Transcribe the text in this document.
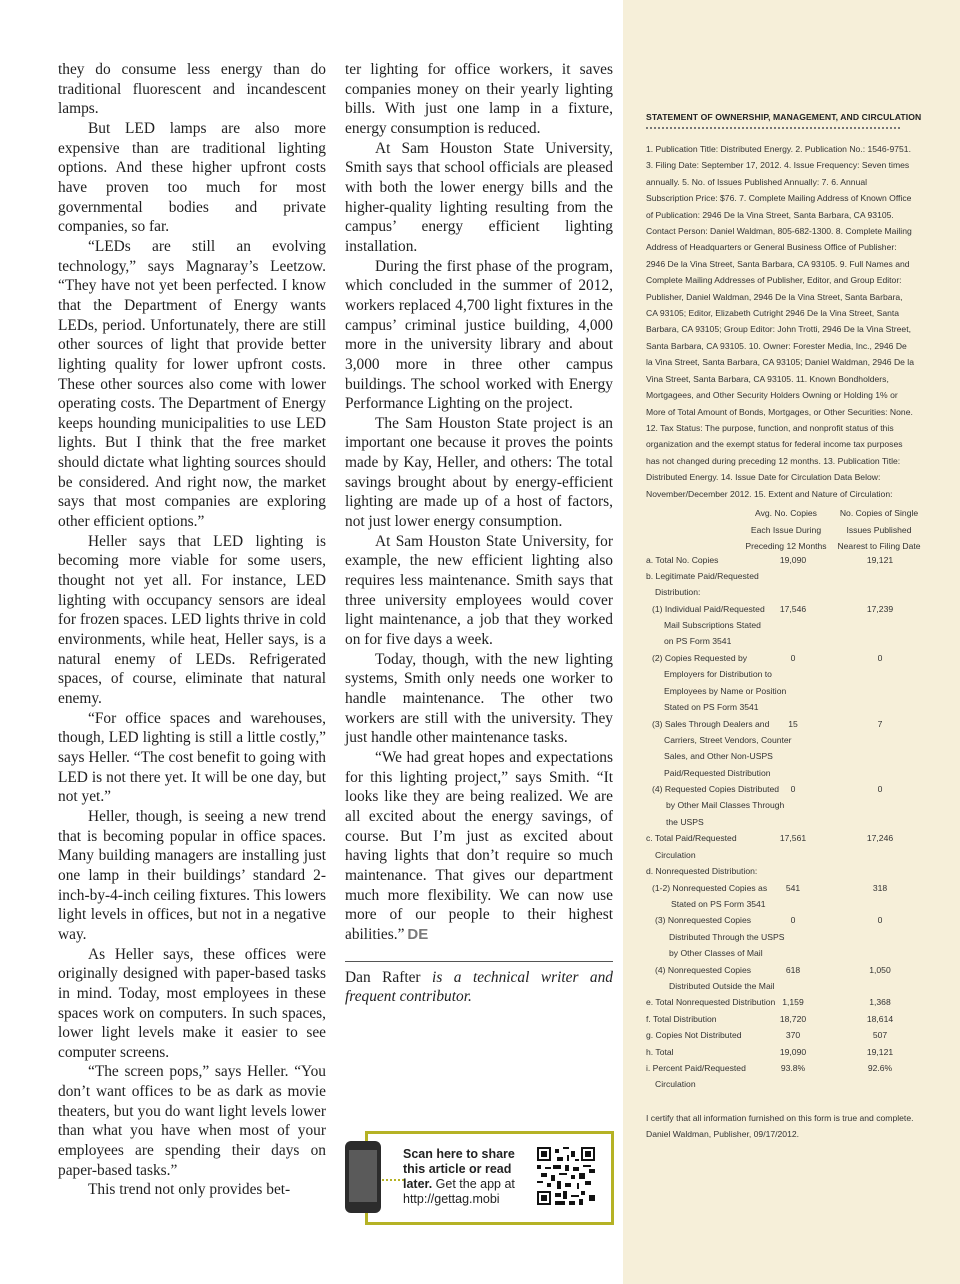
they do consume less energy than do traditional fluorescent and incandescent lamps.

But LED lamps are also more expensive than are traditional lighting options. And these higher upfront costs have proven too much for most governmental bodies and private companies, so far.

“LEDs are still an evolving technology,” says Magnaray’s Leetzow. “They have not yet been perfected. I know that the Department of Energy wants LEDs, period. Unfortunately, there are still other sources of light that provide better lighting quality for lower upfront costs. These other sources also come with lower operating costs. The Department of Energy keeps hounding municipalities to use LED lights. But I think that the free market should dictate what lighting sources should be considered. And right now, the market says that most companies are exploring other efficient options.”

Heller says that LED lighting is becoming more viable for some users, thought not yet all. For instance, LED lighting with occupancy sensors are ideal for frozen spaces. LED lights thrive in cold environments, while heat, Heller says, is a natural enemy of LEDs. Refrigerated spaces, of course, eliminate that natural enemy.

“For office spaces and warehouses, though, LED lighting is still a little costly,” says Heller. “The cost benefit to going with LED is not there yet. It will be one day, but not yet.”

Heller, though, is seeing a new trend that is becoming popular in office spaces. Many building managers are installing just one lamp in their buildings’ standard 2-inch-by-4-inch ceiling fixtures. This lowers light levels in offices, but not in a negative way.

As Heller says, these offices were originally designed with paper-based tasks in mind. Today, most employees in these spaces work on computers. In such spaces, lower light levels make it easier to see computer screens.

“The screen pops,” says Heller. “You don’t want offices to be as dark as movie theaters, but you do want light levels lower than what you have when most of your employees are spending their days on paper-based tasks.”

This trend not only provides bet-

ter lighting for office workers, it saves companies money on their yearly lighting bills. With just one lamp in a fixture, energy consumption is reduced.

At Sam Houston State University, Smith says that school officials are pleased with both the lower energy bills and the higher-quality lighting resulting from the campus’ energy efficient lighting installation.

During the first phase of the program, which concluded in the summer of 2012, workers replaced 4,700 light fixtures in the campus’ criminal justice building, 4,000 more in the university library and about 3,000 more in three other campus buildings. The school worked with Energy Performance Lighting on the project.

The Sam Houston State project is an important one because it proves the points made by Kay, Heller, and others: The total savings brought about by energy-efficient lighting are made up of a host of factors, not just lower energy consumption.

At Sam Houston State University, for example, the new efficient lighting also requires less maintenance. Smith says that three university employees would cover light maintenance, a job that they worked on for five days a week.

Today, though, with the new lighting systems, Smith only needs one worker to handle maintenance. The other two workers are still with the university. They just handle other maintenance tasks.

“We had great hopes and expectations for this lighting project,” says Smith. “It looks like they are being realized. We are all excited about the energy savings, of course. But I’m just as excited about having lights that don’t require so much maintenance. That gives our department much more flexibility. We can now use more of our people to their highest abilities.” DE

Dan Rafter is a technical writer and frequent contributor.

Scan here to share
this article or read
later. Get the app at
http://gettag.mobi
STATEMENT OF OWNERSHIP, MANAGEMENT, AND CIRCULATION
1. Publication Title: Distributed Energy. 2. Publication No.: 1546-9751. 3. Filing Date: September 17, 2012. 4. Issue Frequency: Seven times annually. 5. No. of Issues Published Annually: 7. 6. Annual Subscription Price: $76. 7. Complete Mailing Address of Known Office of Publication: 2946 De la Vina Street, Santa Barbara, CA 93105. Contact Person: Daniel Waldman, 805-682-1300. 8. Complete Mailing Address of Headquarters or General Business Office of Publisher: 2946 De la Vina Street, Santa Barbara, CA 93105. 9. Full Names and Complete Mailing Addresses of Publisher, Editor, and Group Editor: Publisher, Daniel Waldman, 2946 De la Vina Street, Santa Barbara, CA 93105; Editor, Elizabeth Cutright 2946 De la Vina Street, Santa Barbara, CA 93105; Group Editor: John Trotti, 2946 De la Vina Street, Santa Barbara, CA 93105. 10. Owner: Forester Media, Inc., 2946 De la Vina Street, Santa Barbara, CA 93105; Daniel Waldman, 2946 De la Vina Street, Santa Barbara, CA 93105. 11. Known Bondholders, Mortgagees, and Other Security Holders Owning or Holding 1% or More of Total Amount of Bonds, Mortgages, or Other Securities: None. 12. Tax Status: The purpose, function, and nonprofit status of this organization and the exempt status for federal income tax purposes has not changed during preceding 12 months. 13. Publication Title: Distributed Energy. 14. Issue Date for Circulation Data Below: November/December 2012. 15. Extent and Nature of Circulation:
Avg. No. Copies
Each Issue During
Preceding 12 Months
No. Copies of Single
Issues Published
Nearest to Filing Date
a. Total No. Copies	19,090	19,121
b. Legitimate Paid/Requested
Distribution:
(1) Individual Paid/Requested
Mail Subscriptions Stated
on PS Form 3541
17,546	17,239
(2) Copies Requested by
Employers for Distribution to
Employees by Name or Position
Stated on PS Form 3541
0	0
(3) Sales Through Dealers and
Carriers, Street Vendors, Counter
Sales, and Other Non-USPS
Paid/Requested Distribution
15	7
(4) Requested Copies Distributed
by Other Mail Classes Through
the USPS
0	0
c. Total Paid/Requested
Circulation
17,561	17,246
d. Nonrequested Distribution:
(1-2) Nonrequested Copies as
Stated on PS Form 3541
541	318
(3) Nonrequested Copies
Distributed Through the USPS
by Other Classes of Mail
0	0
(4) Nonrequested Copies
Distributed Outside the Mail
618	1,050
e. Total Nonrequested Distribution 1,159	1,368
f. Total Distribution	18,720	18,614
g. Copies Not Distributed	370	507
h. Total	19,090	19,121
i. Percent Paid/Requested
Circulation
93.8%	92.6%
I certify that all information furnished on this form is true and complete. Daniel Waldman, Publisher, 09/17/2012.
